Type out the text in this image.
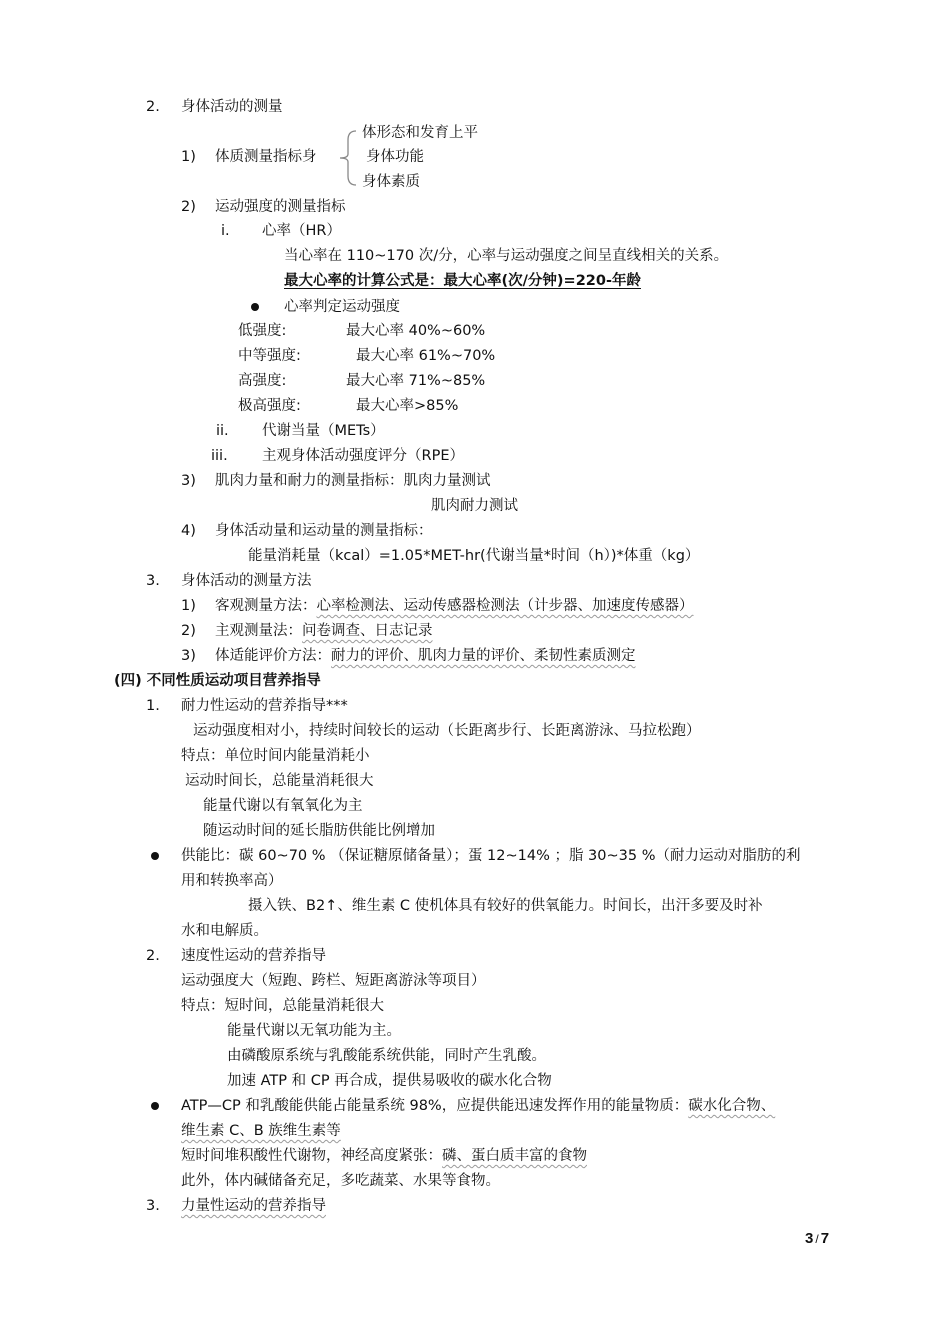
2. 身体活动的测量
1) 体质测量指标身
体形态和发育上平
身体功能
身体素质
2) 运动强度的测量指标
i. 心率（HR）
当心率在 110~170 次/分，心率与运动强度之间呈直线相关的关系。
最大心率的计算公式是：最大心率(次/分钟)=220-年龄
心率判定运动强度
低强度:	最大心率 40%~60%
中等强度:	最大心率 61%~70%
高强度:	最大心率 71%~85%
极高强度:	最大心率>85%
ii. 代谢当量（METs）
iii. 主观身体活动强度评分（RPE）
3) 肌肉力量和耐力的测量指标：肌肉力量测试
肌肉耐力测试
4) 身体活动量和运动量的测量指标：
能量消耗量（kcal）=1.05*MET-hr(代谢当量*时间（h）)*体重（kg）
3. 身体活动的测量方法
1) 客观测量方法：心率检测法、运动传感器检测法（计步器、加速度传感器）
2) 主观测量法：问卷调查、日志记录
3) 体适能评价方法：耐力的评价、肌肉力量的评价、柔韧性素质测定
(四) 不同性质运动项目营养指导
1. 耐力性运动的营养指导***
运动强度相对小，持续时间较长的运动（长距离步行、长距离游泳、马拉松跑）
特点：单位时间内能量消耗小
运动时间长，总能量消耗很大
能量代谢以有氧氧化为主
随运动时间的延长脂肪供能比例增加
供能比：碳 60~70 % （保证糖原储备量）；蛋 12~14% ；脂 30~35 %（耐力运动对脂肪的利
用和转换率高）
摄入铁、B2↑、维生素 C 使机体具有较好的供氧能力。时间长，出汗多要及时补
水和电解质。
2. 速度性运动的营养指导
运动强度大（短跑、跨栏、短距离游泳等项目）
特点：短时间，总能量消耗很大
能量代谢以无氧功能为主。
由磷酸原系统与乳酸能系统供能，同时产生乳酸。
加速 ATP 和 CP 再合成，提供易吸收的碳水化合物
ATP—CP 和乳酸能供能占能量系统 98%，应提供能迅速发挥作用的能量物质：碳水化合物、
维生素 C、B 族维生素等
短时间堆积酸性代谢物，神经高度紧张：磷、蛋白质丰富的食物
此外，体内碱储备充足，多吃蔬菜、水果等食物。
3. 力量性运动的营养指导
3 / 7
